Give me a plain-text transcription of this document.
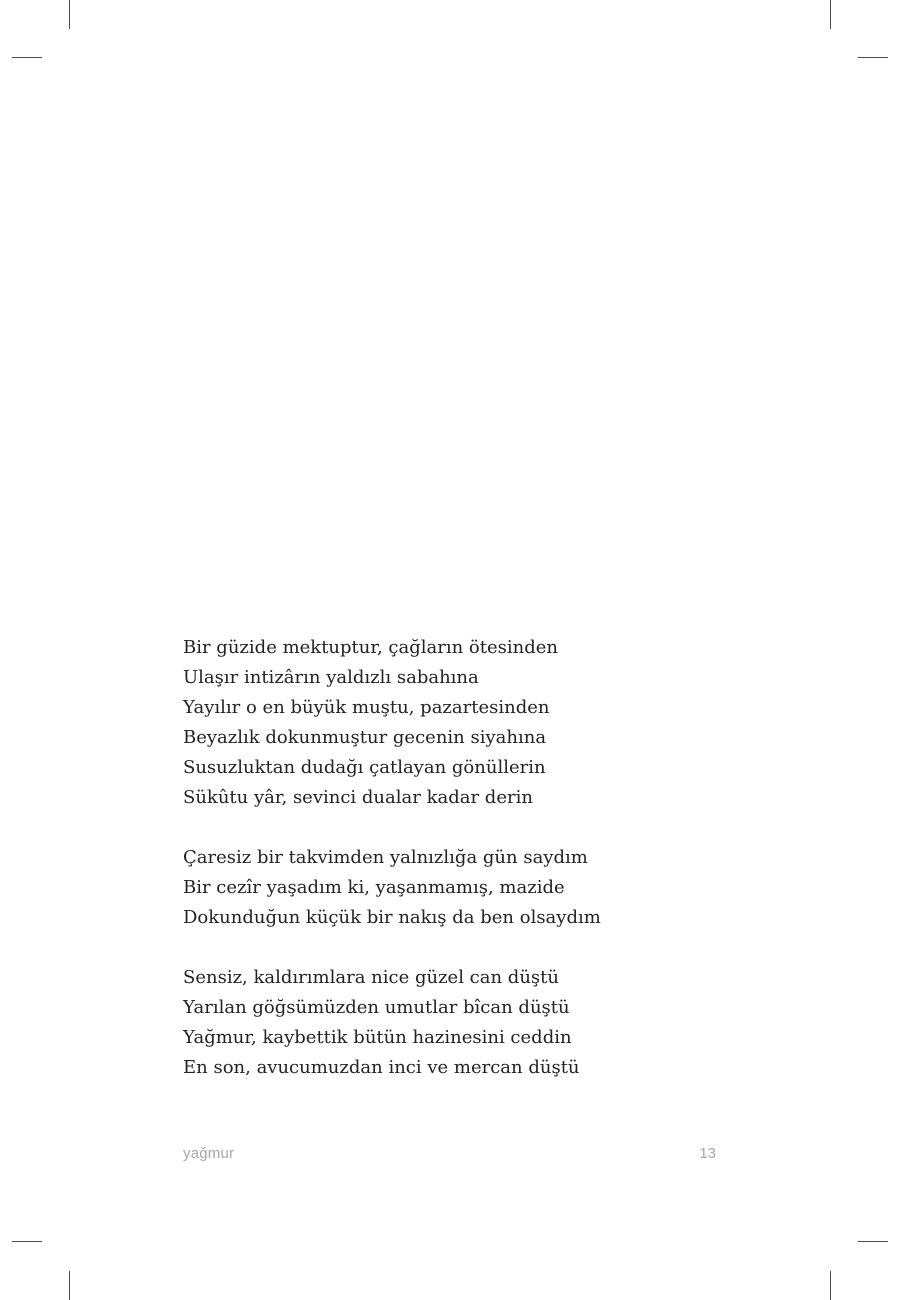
Bir güzide mektuptur, çağların ötesinden
Ulaşır intizârın yaldızlı sabahına
Yayılır o en büyük muştu, pazartesinden
Beyazlık dokunmuştur gecenin siyahına
Susuzluktan dudağı çatlayan gönüllerin
Sükûtu yâr, sevinci dualar kadar derin
Çaresiz bir takvimden yalnızlığa gün saydım
Bir cezîr yaşadım ki, yaşanmamış, mazide
Dokunduğun küçük bir nakış da ben olsaydım
Sensiz, kaldırımlara nice güzel can düştü
Yarılan göğsümüzden umutlar bîcan düştü
Yağmur, kaybettik bütün hazinesini ceddin
En son, avucumuzdan inci ve mercan düştü
yağmur	13
